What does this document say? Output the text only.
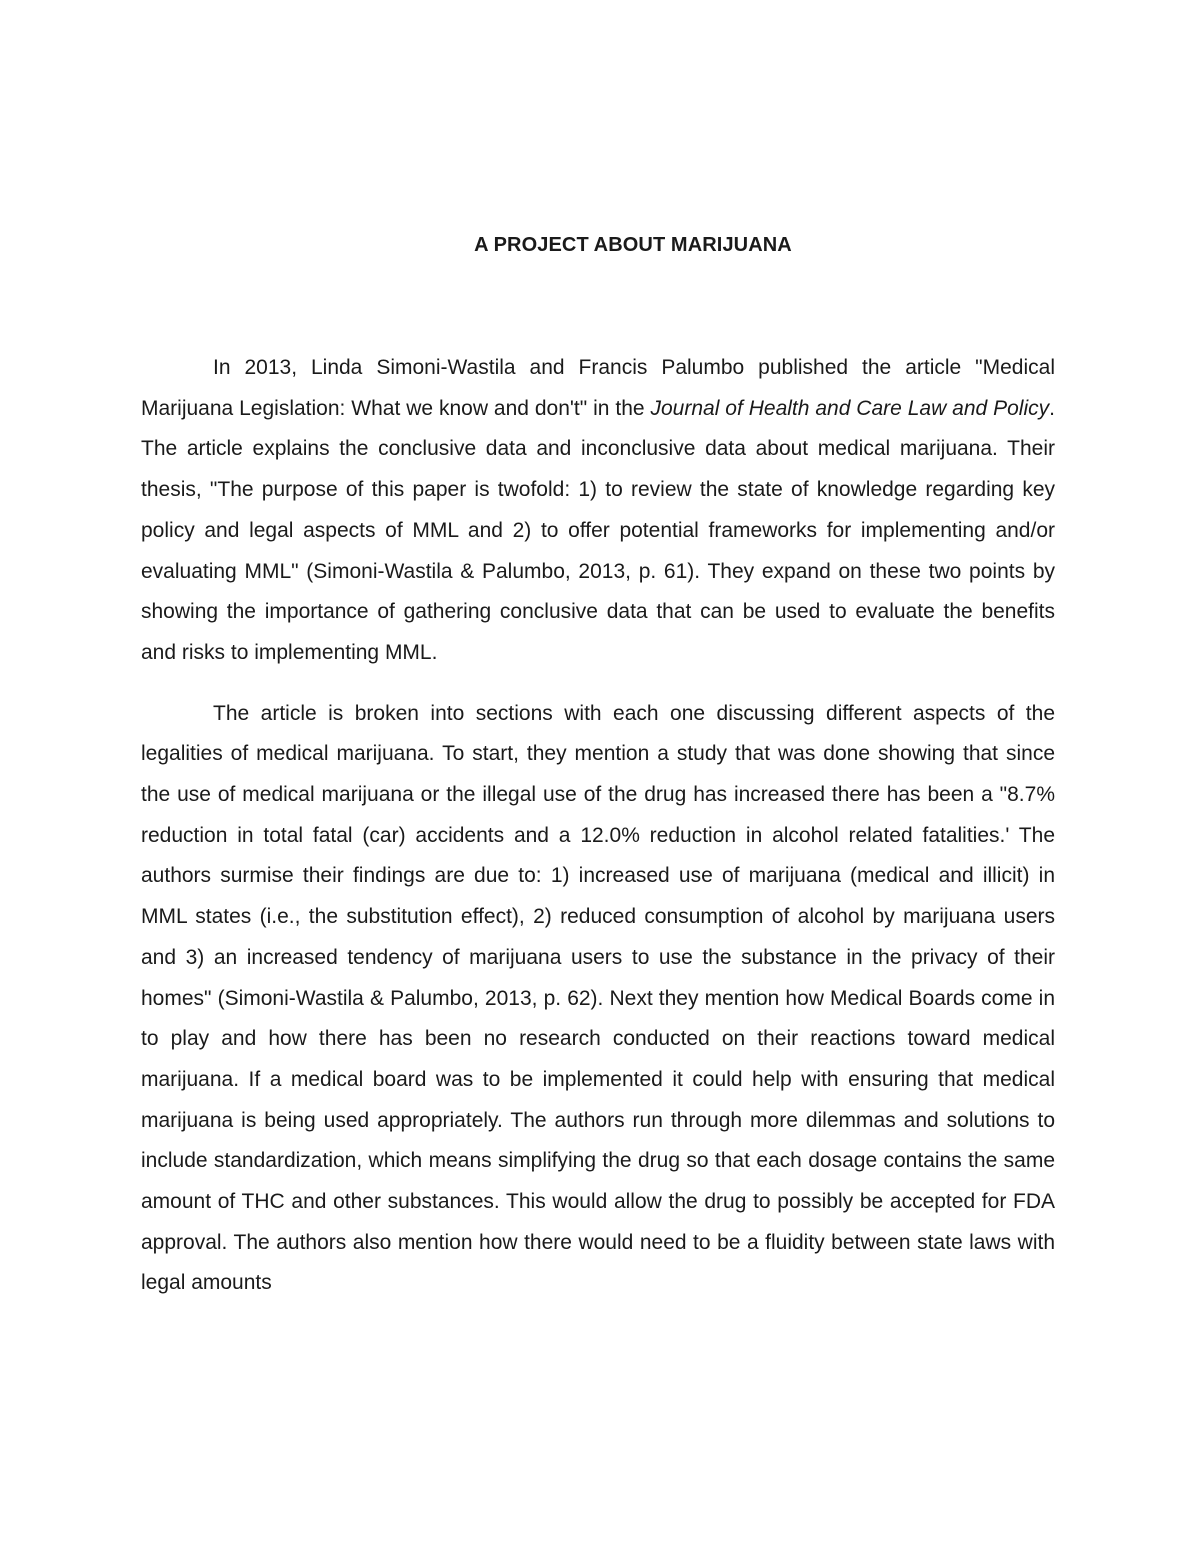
A PROJECT ABOUT MARIJUANA

In 2013, Linda Simoni-Wastila and Francis Palumbo published the article "Medical Marijuana Legislation: What we know and don't" in the Journal of Health and Care Law and Policy. The article explains the conclusive data and inconclusive data about medical marijuana. Their thesis, "The purpose of this paper is twofold: 1) to review the state of knowledge regarding key policy and legal aspects of MML and 2) to offer potential frameworks for implementing and/or evaluating MML" (Simoni-Wastila & Palumbo, 2013, p. 61). They expand on these two points by showing the importance of gathering conclusive data that can be used to evaluate the benefits and risks to implementing MML.

The article is broken into sections with each one discussing different aspects of the legalities of medical marijuana. To start, they mention a study that was done showing that since the use of medical marijuana or the illegal use of the drug has increased there has been a "8.7% reduction in total fatal (car) accidents and a 12.0% reduction in alcohol related fatalities.' The authors surmise their findings are due to: 1) increased use of marijuana (medical and illicit) in MML states (i.e., the substitution effect), 2) reduced consumption of alcohol by marijuana users and 3) an increased tendency of marijuana users to use the substance in the privacy of their homes" (Simoni-Wastila & Palumbo, 2013, p. 62). Next they mention how Medical Boards come in to play and how there has been no research conducted on their reactions toward medical marijuana. If a medical board was to be implemented it could help with ensuring that medical marijuana is being used appropriately. The authors run through more dilemmas and solutions to include standardization, which means simplifying the drug so that each dosage contains the same amount of THC and other substances. This would allow the drug to possibly be accepted for FDA approval. The authors also mention how there would need to be a fluidity between state laws with legal amounts
